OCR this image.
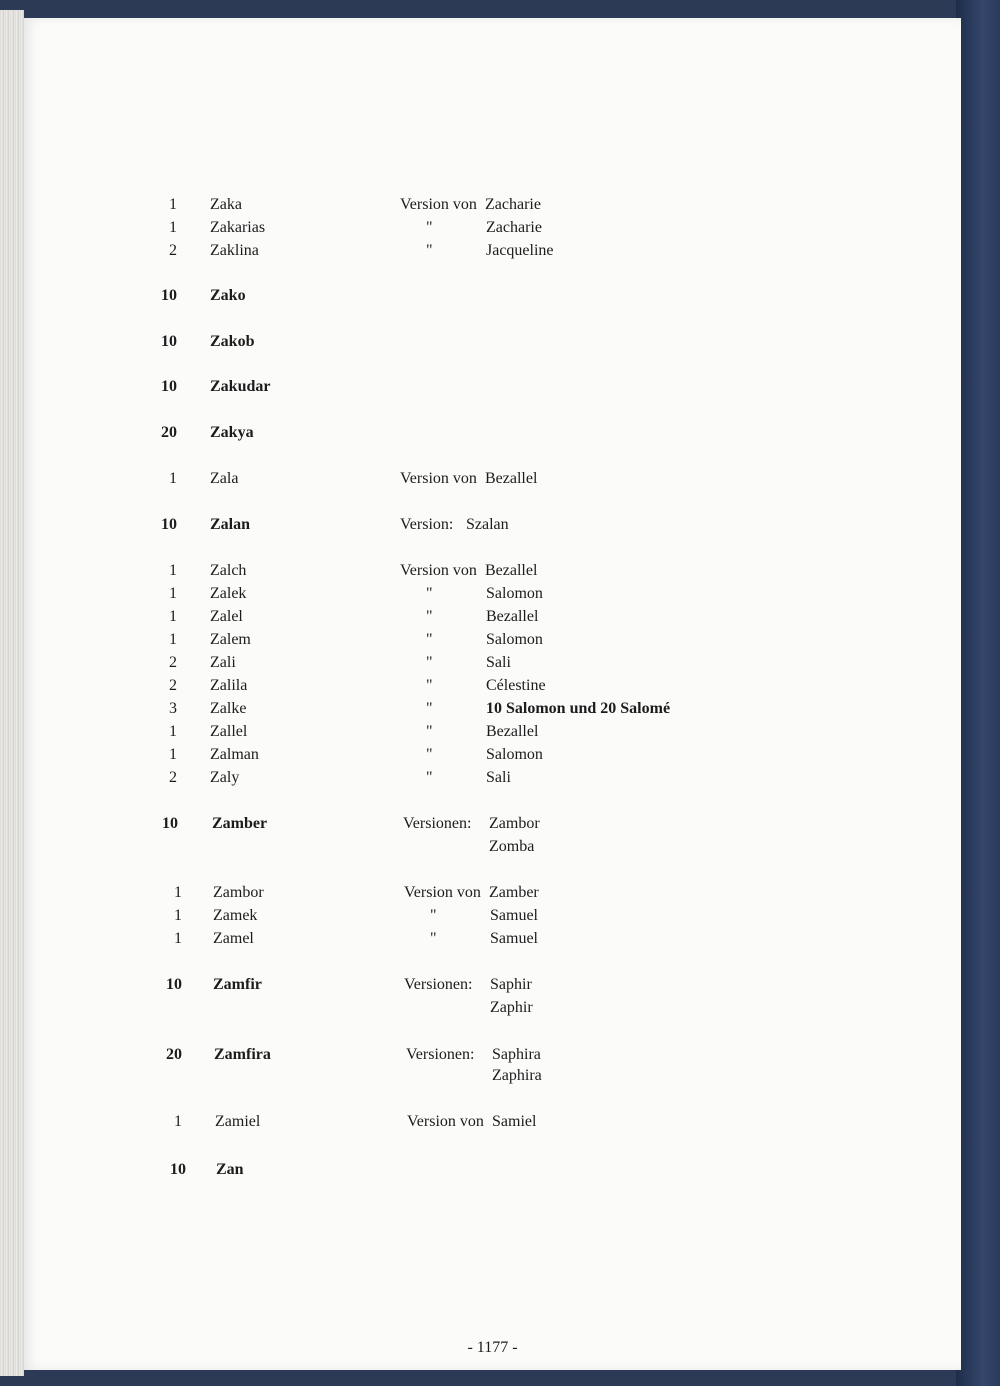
1 Zaka	Version von Zacharie
1 Zakarias	"	Zacharie
2 Zaklina	"	Jacqueline
10 Zako
10 Zakob
10 Zakudar
20 Zakya
1 Zala	Version von Bezallel
10 Zalan	Version: Szalan
1 Zalch	Version von Bezallel
1 Zalek	"	Salomon
1 Zalel	"	Bezallel
1 Zalem	"	Salomon
2 Zali	"	Sali
2 Zalila	"	Célestine
3 Zalke	"	10 Salomon und 20 Salomé
1 Zallel	"	Bezallel
1 Zalman	"	Salomon
2 Zaly	"	Sali
10 Zamber	Versionen: Zambor
Zomba
1 Zambor	Version von Zamber
1 Zamek	"	Samuel
1 Zamel	"	Samuel
10 Zamfir	Versionen: Saphir
Zaphir
20 Zamfira	Versionen: Saphira
Zaphira
1 Zamiel	Version von Samiel
10 Zan
- 1177 -
